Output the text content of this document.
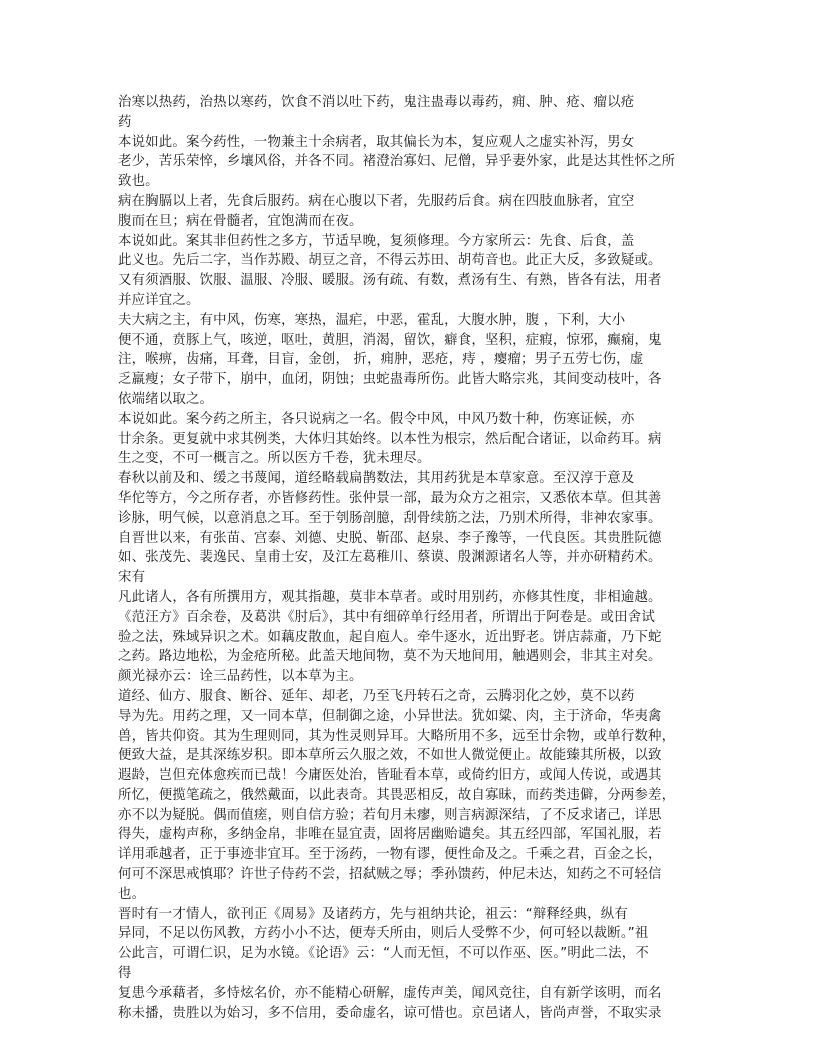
治寒以热药，治热以寒药，饮食不消以吐下药，鬼注蛊毒以毒药，痈、肿、疮、瘤以疮
药
本说如此。案今药性，一物兼主十余病者，取其偏长为本，复应观人之虚实补泻，男女
老少，苦乐荣悴，乡壤风俗，并各不同。褚澄治寡妇、尼僧，异乎妻外家，此是达其性怀之所
致也。
病在胸膈以上者，先食后服药。病在心腹以下者，先服药后食。病在四肢血脉者，宜空
腹而在旦；病在骨髓者，宜饱满而在夜。
本说如此。案其非但药性之多方，节适早晚，复须修理。今方家所云：先食、后食，盖
此义也。先后二字，当作苏殿、胡豆之音，不得云苏田、胡苟音也。此正大反，多致疑或。
又有须酒服、饮服、温服、冷服、暖服。汤有疏、有数，煮汤有生、有熟，皆各有法，用者
并应详宜之。
夫大病之主，有中风，伤寒，寒热，温疟，中恶，霍乱，大腹水肿，腹 ，下利，大小
便不通，贲豚上气，咳逆，呕吐，黄胆，消渴，留饮，癖食，坚积，症瘕，惊邪，癫痫，鬼
注，喉痹，齿痛，耳聋，目盲，金创， 折，痈肿，恶疮，痔 ，瘿瘤；男子五劳七伤，虚
乏羸瘦；女子带下，崩中，血闭，阴蚀；虫蛇蛊毒所伤。此皆大略宗兆，其间变动枝叶，各
依端绪以取之。
本说如此。案今药之所主，各只说病之一名。假令中风，中风乃数十种，伤寒证候，亦
廿余条。更复就中求其例类，大体归其始终。以本性为根宗，然后配合诸证，以命药耳。病
生之变，不可一概言之。所以医方千卷，犹未理尽。
春秋以前及和、缓之书蔑闻，道经略载扁鹊数法，其用药犹是本草家意。至汉淳于意及
华佗等方，今之所存者，亦皆修药性。张仲景一部，最为众方之祖宗，又悉依本草。但其善
诊脉，明气候，以意消息之耳。至于刳肠剖臆，刮骨续筋之法，乃别术所得，非神农家事。
自晋世以来，有张苗、宫泰、刘德、史脱、靳邵、赵泉、李子豫等，一代良医。其贵胜阮德
如、张茂先、裴逸民、皇甫士安，及江左葛稚川、蔡谟、殷渊源诸名人等，并亦研精药术。
宋有
凡此诸人，各有所撰用方，观其指趣，莫非本草者。或时用别药，亦修其性度，非相逾越。
《范汪方》百余卷，及葛洪《肘后》，其中有细碎单行经用者，所谓出于阿卷是。或田舍试
验之法，殊域异识之术。如藕皮散血，起自庖人。牵牛逐水，近出野老。饼店蒜齑，乃下蛇
之药。路边地松，为金疮所秘。此盖天地间物，莫不为天地间用，触遇则会，非其主对矣。
颜光禄亦云：诠三品药性，以本草为主。
道经、仙方、服食、断谷、延年、却老，乃至飞丹转石之奇，云腾羽化之妙，莫不以药
导为先。用药之理，又一同本草，但制御之途，小异世法。犹如粱、肉，主于济命，华夷禽
兽，皆共仰资。其为生理则同，其为性灵则异耳。大略所用不多，远至廿余物，或单行数种，
便致大益，是其深练岁积。即本草所云久服之效，不如世人微觉便止。故能臻其所极，以致
遐龄，岂但充体愈疾而已哉！今庸医处治，皆耻看本草，或倚约旧方，或闻人传说，或遇其
所忆，便揽笔疏之，俄然戴面，以此表奇。其畏恶相反，故自寡昧，而药类违僻，分两参差，
亦不以为疑脱。偶而值瘥，则自信方验；若旬月未瘳，则言病源深结，了不反求诸己，详思
得失，虚构声称，多纳金帛，非唯在显宜责，固将居幽贻谴矣。其五经四部，军国礼服，若
详用乖越者，正于事迹非宜耳。至于汤药，一物有谬，便性命及之。千乘之君，百金之长，
何可不深思戒慎耶？许世子侍药不尝，招弑贼之辱；季孙馈药，仲尼未达，知药之不可轻信
也。
晋时有一才情人，欲刊正《周易》及诸药方，先与祖纳共论，祖云：“辩释经典，纵有
异同，不足以伤风教，方药小小不达，便寿夭所由，则后人受弊不少，何可轻以裁断。”祖
公此言，可谓仁识，足为水镜。《论语》云：“人而无恒，不可以作巫、医。”明此二法，不
得
复患今承藉者，多恃炫名价，亦不能精心研解，虚传声美，闻风竞往，自有新学该明，而名
称未播，贵胜以为始习，多不信用，委命虚名，谅可惜也。京邑诸人，皆尚声誉，不取实录
